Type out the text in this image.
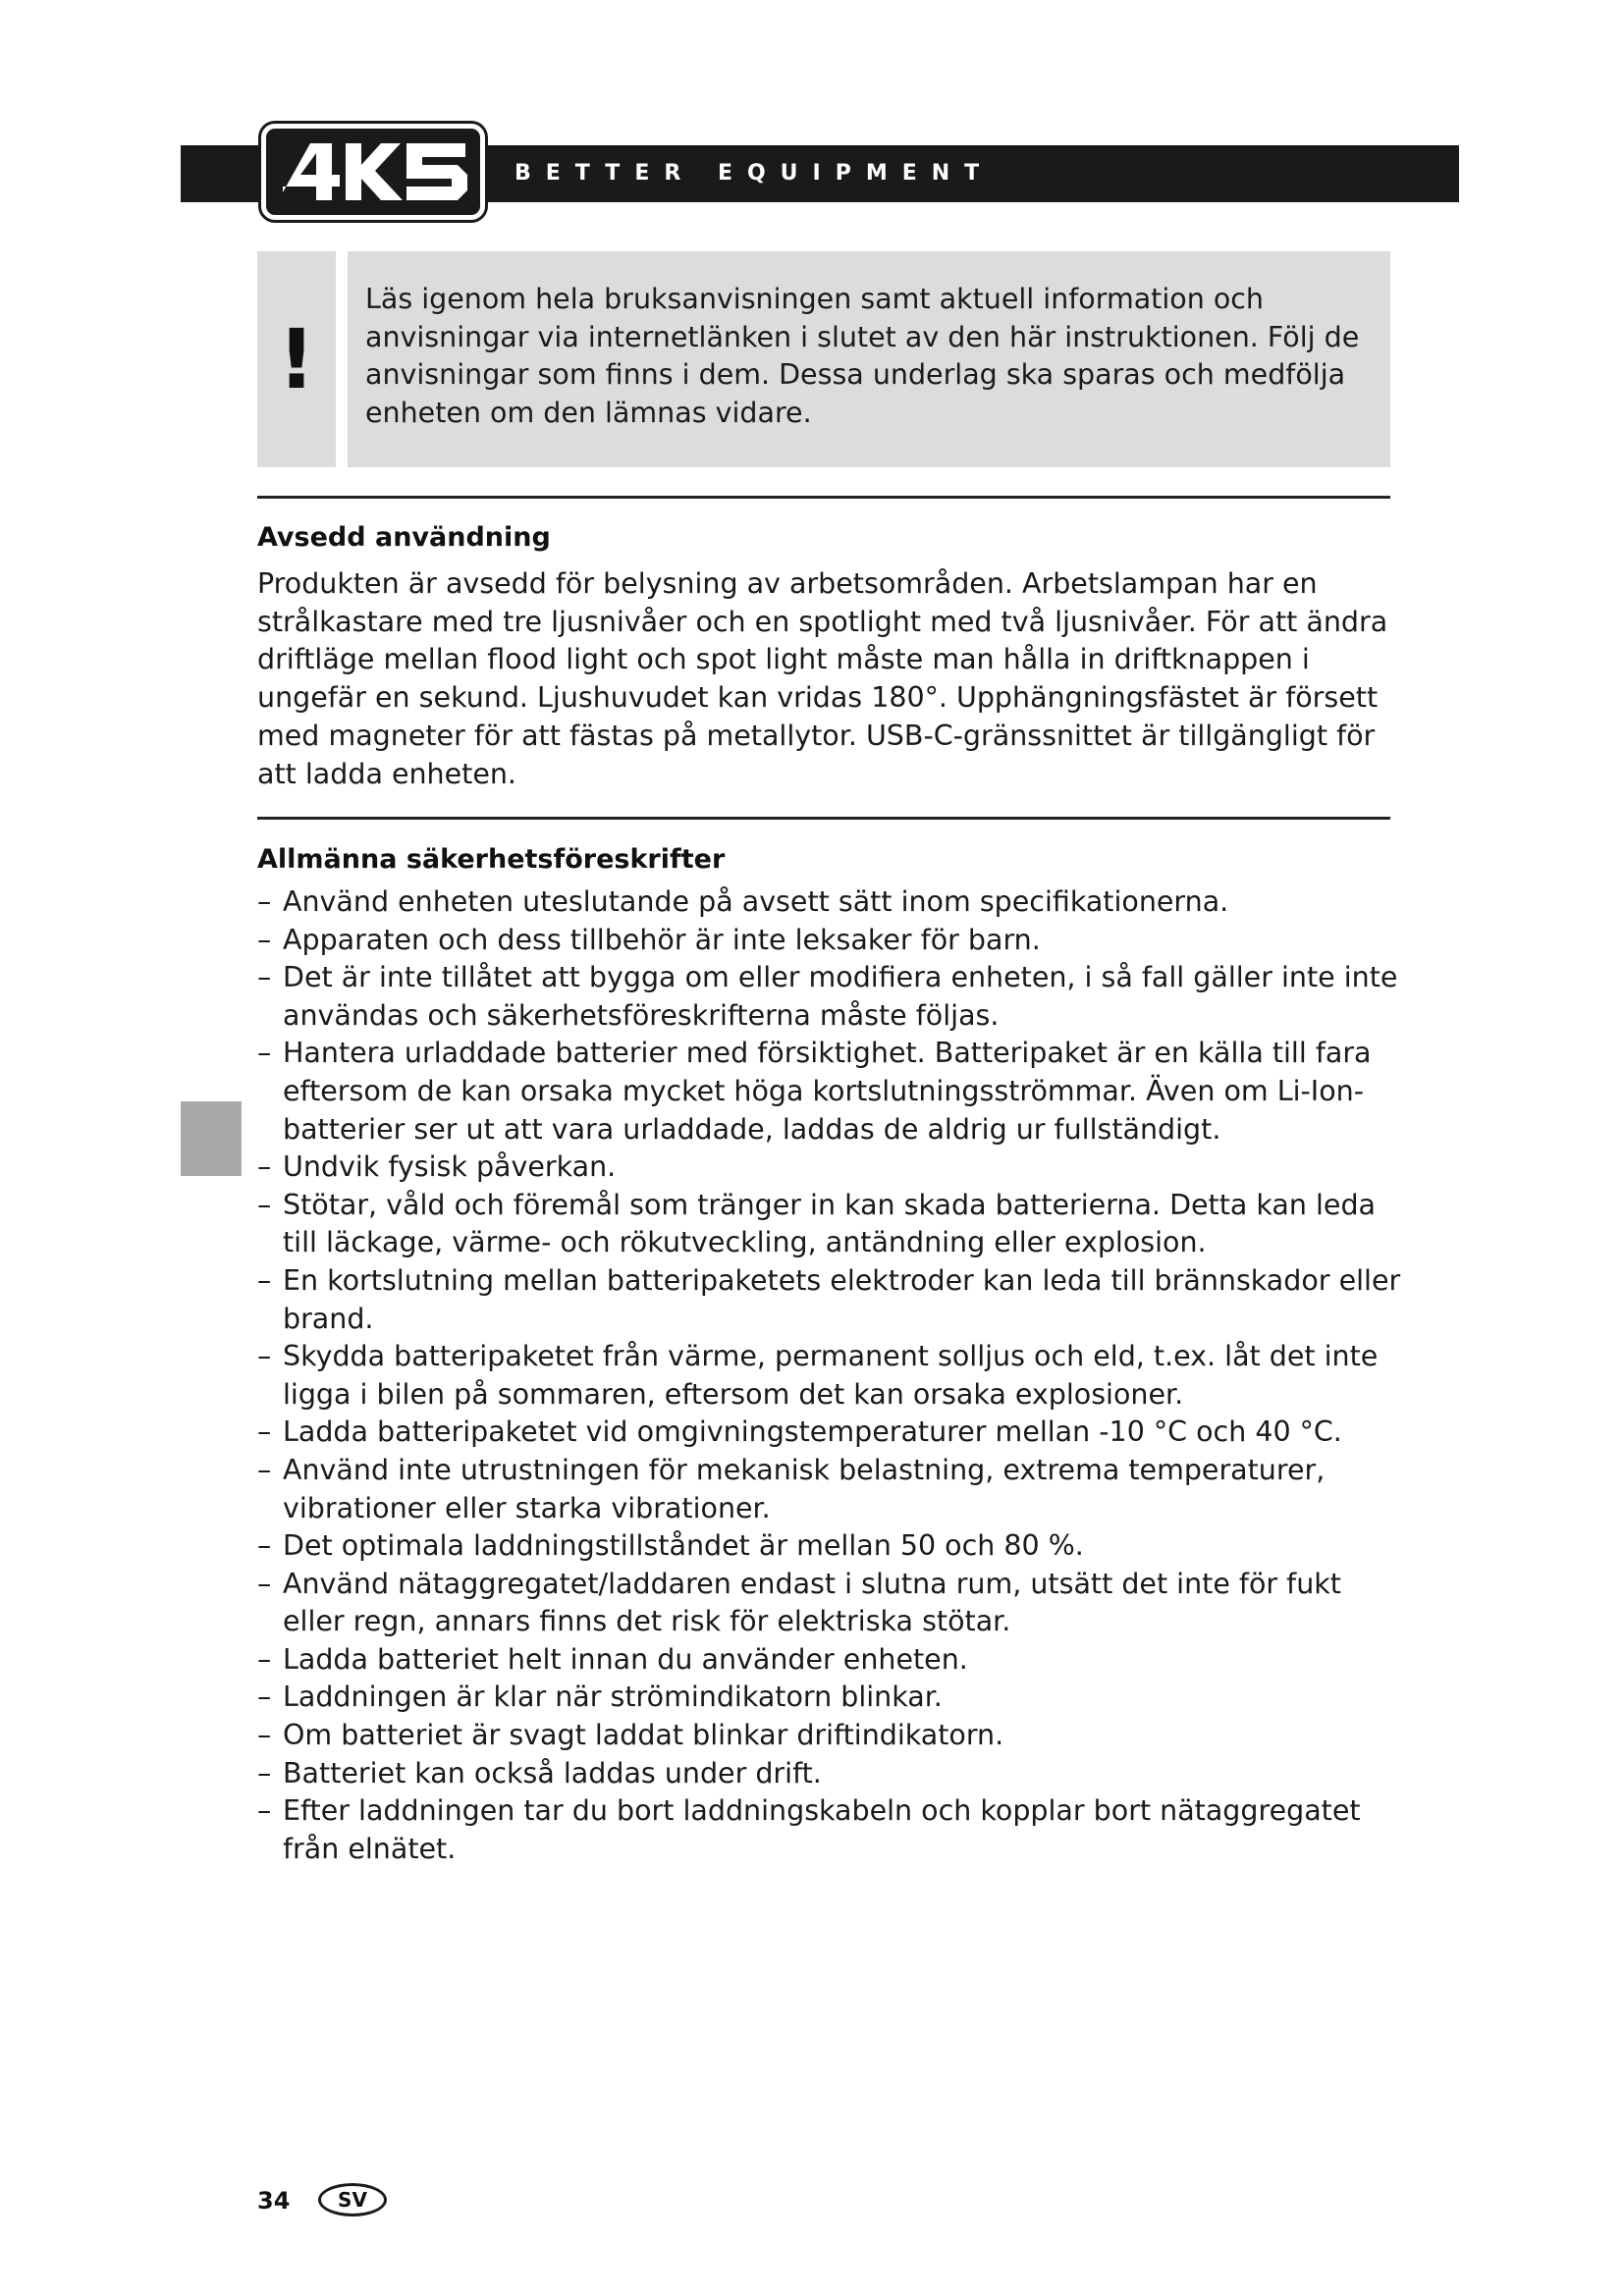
BETTER EQUIPMENT
!

Läs igenom hela bruksanvisningen samt aktuell information och anvisningar via internetlänken i slutet av den här instruktionen. Följ de anvisningar som finns i dem. Dessa underlag ska sparas och medfölja enheten om den lämnas vidare.

Avsedd användning

Produkten är avsedd för belysning av arbetsområden. Arbetslampan har en strålkastare med tre ljusnivåer och en spotlight med två ljusnivåer. För att ändra driftläge mellan flood light och spot light måste man hålla in driftknappen i ungefär en sekund. Ljushuvudet kan vridas 180°. Upphängningsfästet är försett med magneter för att fästas på metallytor. USB-C-gränssnittet är tillgängligt för att ladda enheten.

Allmänna säkerhetsföreskrifter
– Använd enheten uteslutande på avsett sätt inom specifikationerna.
– Apparaten och dess tillbehör är inte leksaker för barn.
– Det är inte tillåtet att bygga om eller modifiera enheten, i så fall gäller inte inte användas och säkerhetsföreskrifterna måste följas.
– Hantera urladdade batterier med försiktighet. Batteripaket är en källa till fara eftersom de kan orsaka mycket höga kortslutningsströmmar. Även om Li-Ion-batterier ser ut att vara urladdade, laddas de aldrig ur fullständigt.
– Undvik fysisk påverkan.
– Stötar, våld och föremål som tränger in kan skada batterierna. Detta kan leda till läckage, värme- och rökutveckling, antändning eller explosion.
– En kortslutning mellan batteripaketets elektroder kan leda till brännskador eller brand.
– Skydda batteripaketet från värme, permanent solljus och eld, t.ex. låt det inte ligga i bilen på sommaren, eftersom det kan orsaka explosioner.
– Ladda batteripaketet vid omgivningstemperaturer mellan -10 °C och 40 °C.
– Använd inte utrustningen för mekanisk belastning, extrema temperaturer, vibrationer eller starka vibrationer.
– Det optimala laddningstillståndet är mellan 50 och 80 %.
– Använd nätaggregatet/laddaren endast i slutna rum, utsätt det inte för fukt eller regn, annars finns det risk för elektriska stötar.
– Ladda batteriet helt innan du använder enheten.
– Laddningen är klar när strömindikatorn blinkar.
– Om batteriet är svagt laddat blinkar driftindikatorn.
– Batteriet kan också laddas under drift.
– Efter laddningen tar du bort laddningskabeln och kopplar bort nätaggregatet från elnätet.
34	SV
